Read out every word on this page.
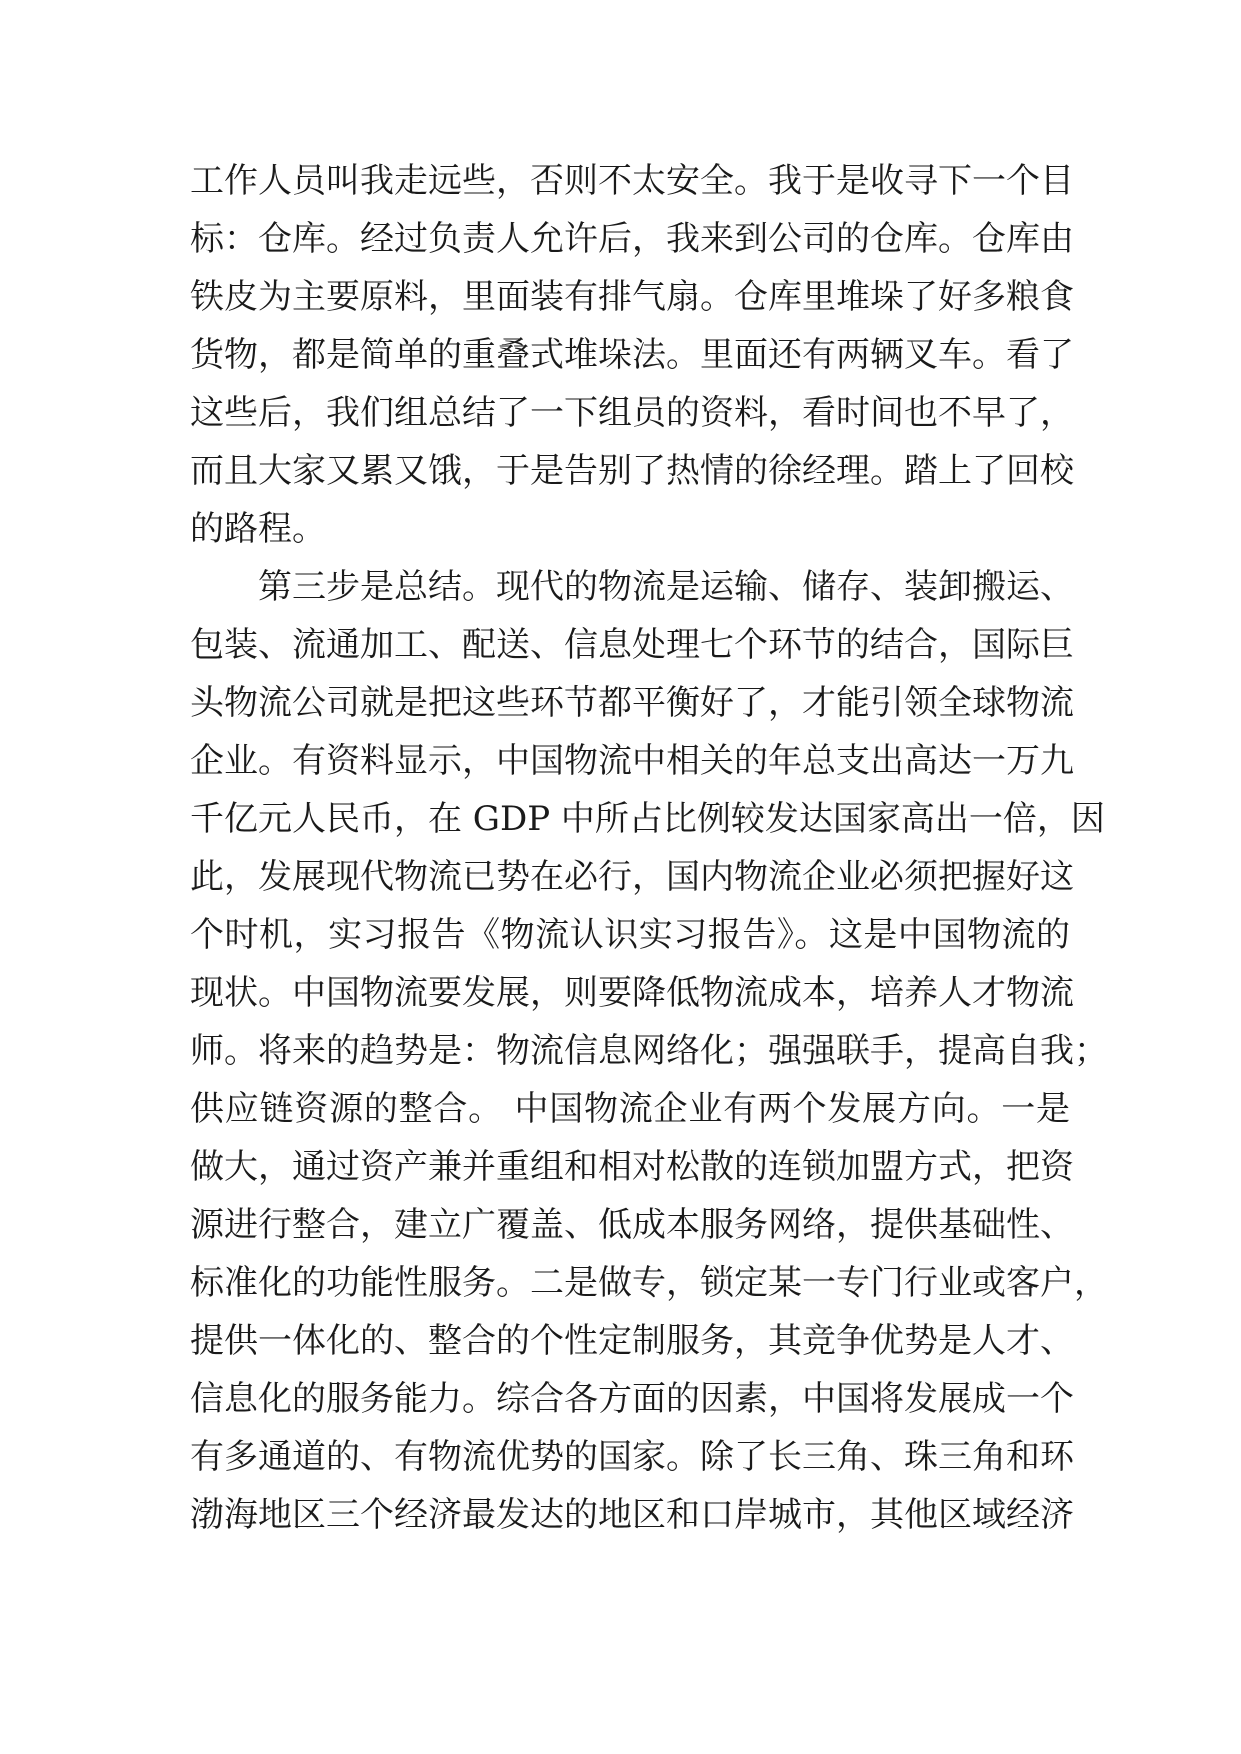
工作人员叫我走远些，否则不太安全。我于是收寻下一个目
标：仓库。经过负责人允许后，我来到公司的仓库。仓库由
铁皮为主要原料，里面装有排气扇。仓库里堆垛了好多粮食
货物，都是简单的重叠式堆垛法。里面还有两辆叉车。看了
这些后，我们组总结了一下组员的资料，看时间也不早了，
而且大家又累又饿，于是告别了热情的徐经理。踏上了回校
的路程。
第三步是总结。现代的物流是运输、储存、装卸搬运、
包装、流通加工、配送、信息处理七个环节的结合，国际巨
头物流公司就是把这些环节都平衡好了，才能引领全球物流
企业。有资料显示，中国物流中相关的年总支出高达一万九
千亿元人民币，在 GDP 中所占比例较发达国家高出一倍，因
此，发展现代物流已势在必行，国内物流企业必须把握好这
个时机，实习报告《物流认识实习报告》。这是中国物流的
现状。中国物流要发展，则要降低物流成本，培养人才物流
师。将来的趋势是：物流信息网络化；强强联手，提高自我；
供应链资源的整合。 中国物流企业有两个发展方向。一是
做大，通过资产兼并重组和相对松散的连锁加盟方式，把资
源进行整合，建立广覆盖、低成本服务网络，提供基础性、
标准化的功能性服务。二是做专，锁定某一专门行业或客户，
提供一体化的、整合的个性定制服务，其竞争优势是人才、
信息化的服务能力。综合各方面的因素，中国将发展成一个
有多通道的、有物流优势的国家。除了长三角、珠三角和环
渤海地区三个经济最发达的地区和口岸城市，其他区域经济
